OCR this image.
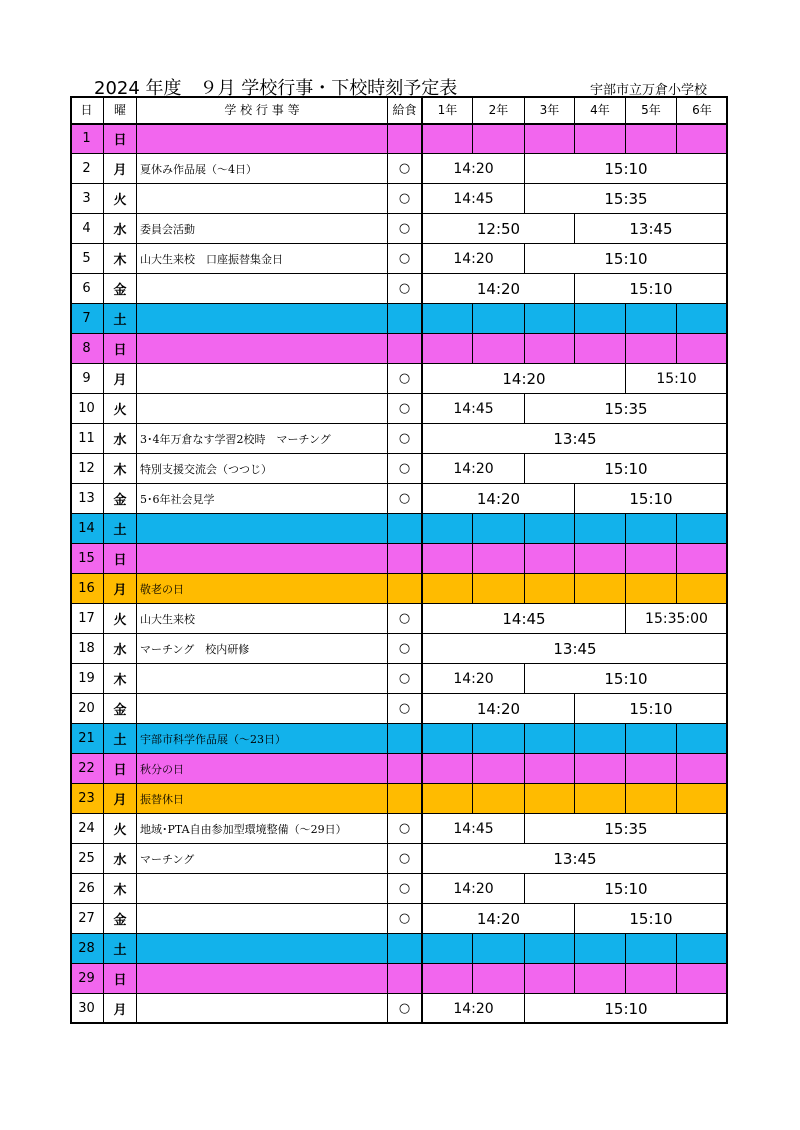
2024 年度　９月 学校行事・下校時刻予定表	宇部市立万倉小学校
日	曜	学 校 行 事 等	給食	1年	2年	3年	4年	5年	6年
1	日
2	月	夏休み作品展（～4日）	○	14:20	15:10
3	火	○	14:45	15:35
4	水	委員会活動	○	12:50	13:45
5	木	山大生来校　口座振替集金日	○	14:20	15:10
6	金	○	14:20	15:10
7	土
8	日
9	月	○	14:20	15:10
10	火	○	14:45	15:35
11	水	3･4年万倉なす学習2校時　マーチング	○	13:45
12	木	特別支援交流会（つつじ）	○	14:20	15:10
13	金	5･6年社会見学	○	14:20	15:10
14	土
15	日
16	月	敬老の日
17	火	山大生来校	○	14:45	15:35:00
18	水	マーチング　校内研修	○	13:45
19	木	○	14:20	15:10
20	金	○	14:20	15:10
21	土	宇部市科学作品展（～23日）
22	日	秋分の日
23	月	振替休日
24	火	地域･PTA自由参加型環境整備（～29日）	○	14:45	15:35
25	水	マーチング	○	13:45
26	木	○	14:20	15:10
27	金	○	14:20	15:10
28	土
29	日
30	月	○	14:20	15:10
